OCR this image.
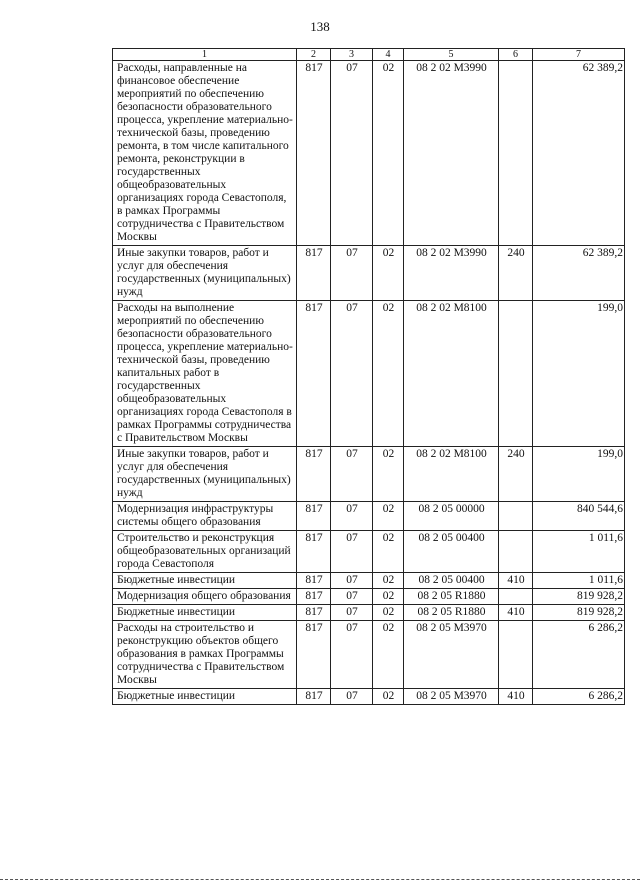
138
1	2	3	4	5	6	7
Расходы, направленные на финансовое обеспечение мероприятий по обеспечению безопасности образовательного процесса, укрепление материально-технической базы, проведению ремонта, в том числе капитального ремонта, реконструкции в государственных общеобразовательных организациях города Севастополя, в рамках Программы сотрудничества с Правительством Москвы	817	07	02	08 2 02 М3990		62 389,2
Иные закупки товаров, работ и услуг для обеспечения государственных (муниципальных) нужд	817	07	02	08 2 02 М3990	240	62 389,2
Расходы на выполнение мероприятий по обеспечению безопасности образовательного процесса, укрепление материально-технической базы, проведению капитальных работ в государственных общеобразовательных организациях города Севастополя в рамках Программы сотрудничества с Правительством Москвы	817	07	02	08 2 02 М8100		199,0
Иные закупки товаров, работ и услуг для обеспечения государственных (муниципальных) нужд	817	07	02	08 2 02 М8100	240	199,0
Модернизация инфраструктуры системы общего образования	817	07	02	08 2 05 00000		840 544,6
Строительство и реконструкция общеобразовательных организаций города Севастополя	817	07	02	08 2 05 00400		1 011,6
Бюджетные инвестиции	817	07	02	08 2 05 00400	410	1 011,6
Модернизация общего образования	817	07	02	08 2 05 R1880		819 928,2
Бюджетные инвестиции	817	07	02	08 2 05 R1880	410	819 928,2
Расходы на строительство и реконструкцию объектов общего образования в рамках Программы сотрудничества с Правительством Москвы	817	07	02	08 2 05 М3970		6 286,2
Бюджетные инвестиции	817	07	02	08 2 05 М3970	410	6 286,2
